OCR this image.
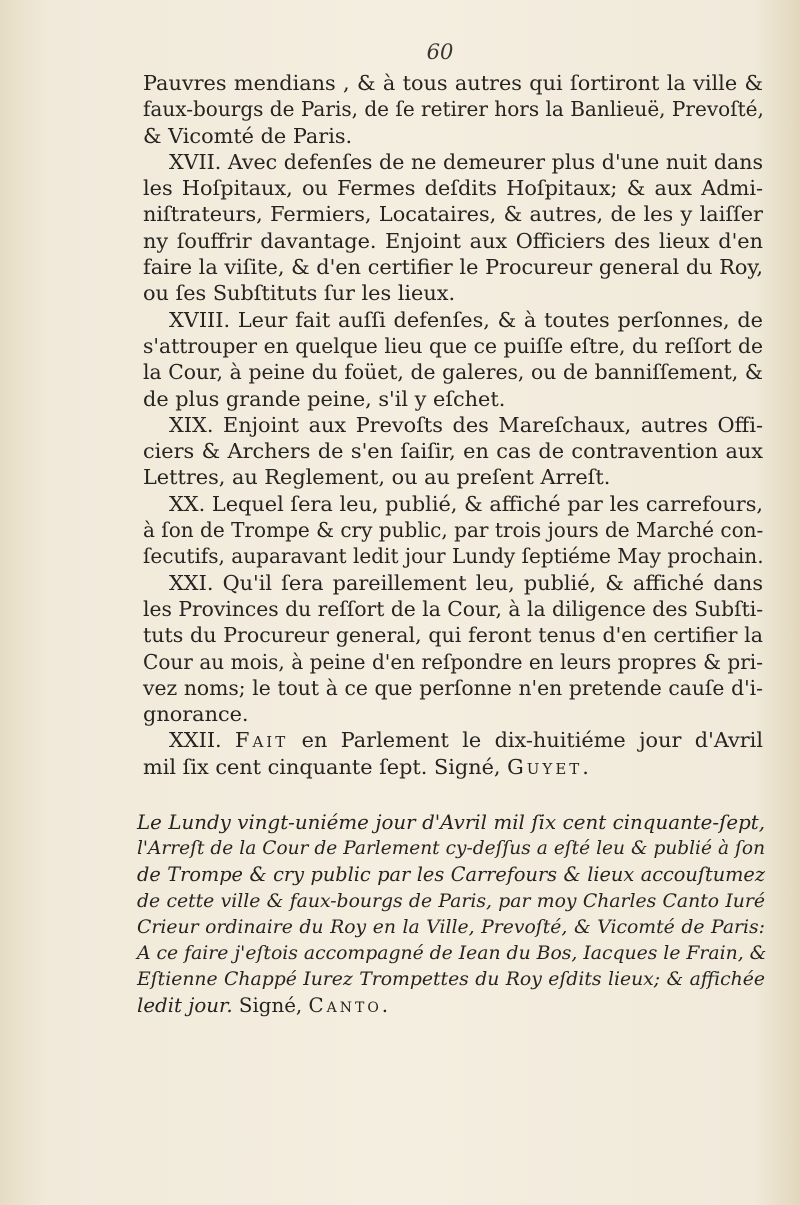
60
Pauvres mendians , & à tous autres qui ſortiront la ville &
faux-bourgs de Paris, de ſe retirer hors la Banlieuë, Prevoſté,
& Vicomté de Paris.
XVII. Avec defenſes de ne demeurer plus d'une nuit dans
les Hoſpitaux, ou Fermes deſdits Hoſpitaux; & aux Admi-
niſtrateurs, Fermiers, Locataires, & autres, de les y laiſſer
ny ſouffrir davantage. Enjoint aux Officiers des lieux d'en
faire la viſite, & d'en certifier le Procureur general du Roy,
ou ſes Subſtituts ſur les lieux.
XVIII. Leur fait auſſi defenſes, & à toutes perſonnes, de
s'attrouper en quelque lieu que ce puiſſe eſtre, du reſſort de
la Cour, à peine du foüet, de galeres, ou de banniſſement, &
de plus grande peine, s'il y eſchet.
XIX. Enjoint aux Prevoſts des Mareſchaux, autres Offi-
ciers & Archers de s'en ſaiſir, en cas de contravention aux
Lettres, au Reglement, ou au preſent Arreſt.
XX. Lequel ſera leu, publié, & affiché par les carrefours,
à ſon de Trompe & cry public, par trois jours de Marché con-
ſecutifs, auparavant ledit jour Lundy ſeptiéme May prochain.
XXI. Qu'il ſera pareillement leu, publié, & affiché dans
les Provinces du reſſort de la Cour, à la diligence des Subſti-
tuts du Procureur general, qui feront tenus d'en certifier la
Cour au mois, à peine d'en reſpondre en leurs propres & pri-
vez noms; le tout à ce que perſonne n'en pretende cauſe d'i-
gnorance.
XXII. Fait en Parlement le dix-huitiéme jour d'Avril
mil ſix cent cinquante ſept. Signé, Guyet.
Le Lundy vingt-uniéme jour d'Avril mil ſix cent cinquante-ſept,
l'Arreſt de la Cour de Parlement cy-deſſus a eſté leu & publié à ſon
de Trompe & cry public par les Carrefours & lieux accouſtumez
de cette ville & faux-bourgs de Paris, par moy Charles Canto Iuré
Crieur ordinaire du Roy en la Ville, Prevoſté, & Vicomté de Paris:
A ce faire j'eſtois accompagné de Iean du Bos, Iacques le Frain, &
Eſtienne Chappé Iurez Trompettes du Roy eſdits lieux; & affichée
ledit jour. Signé, Canto.
